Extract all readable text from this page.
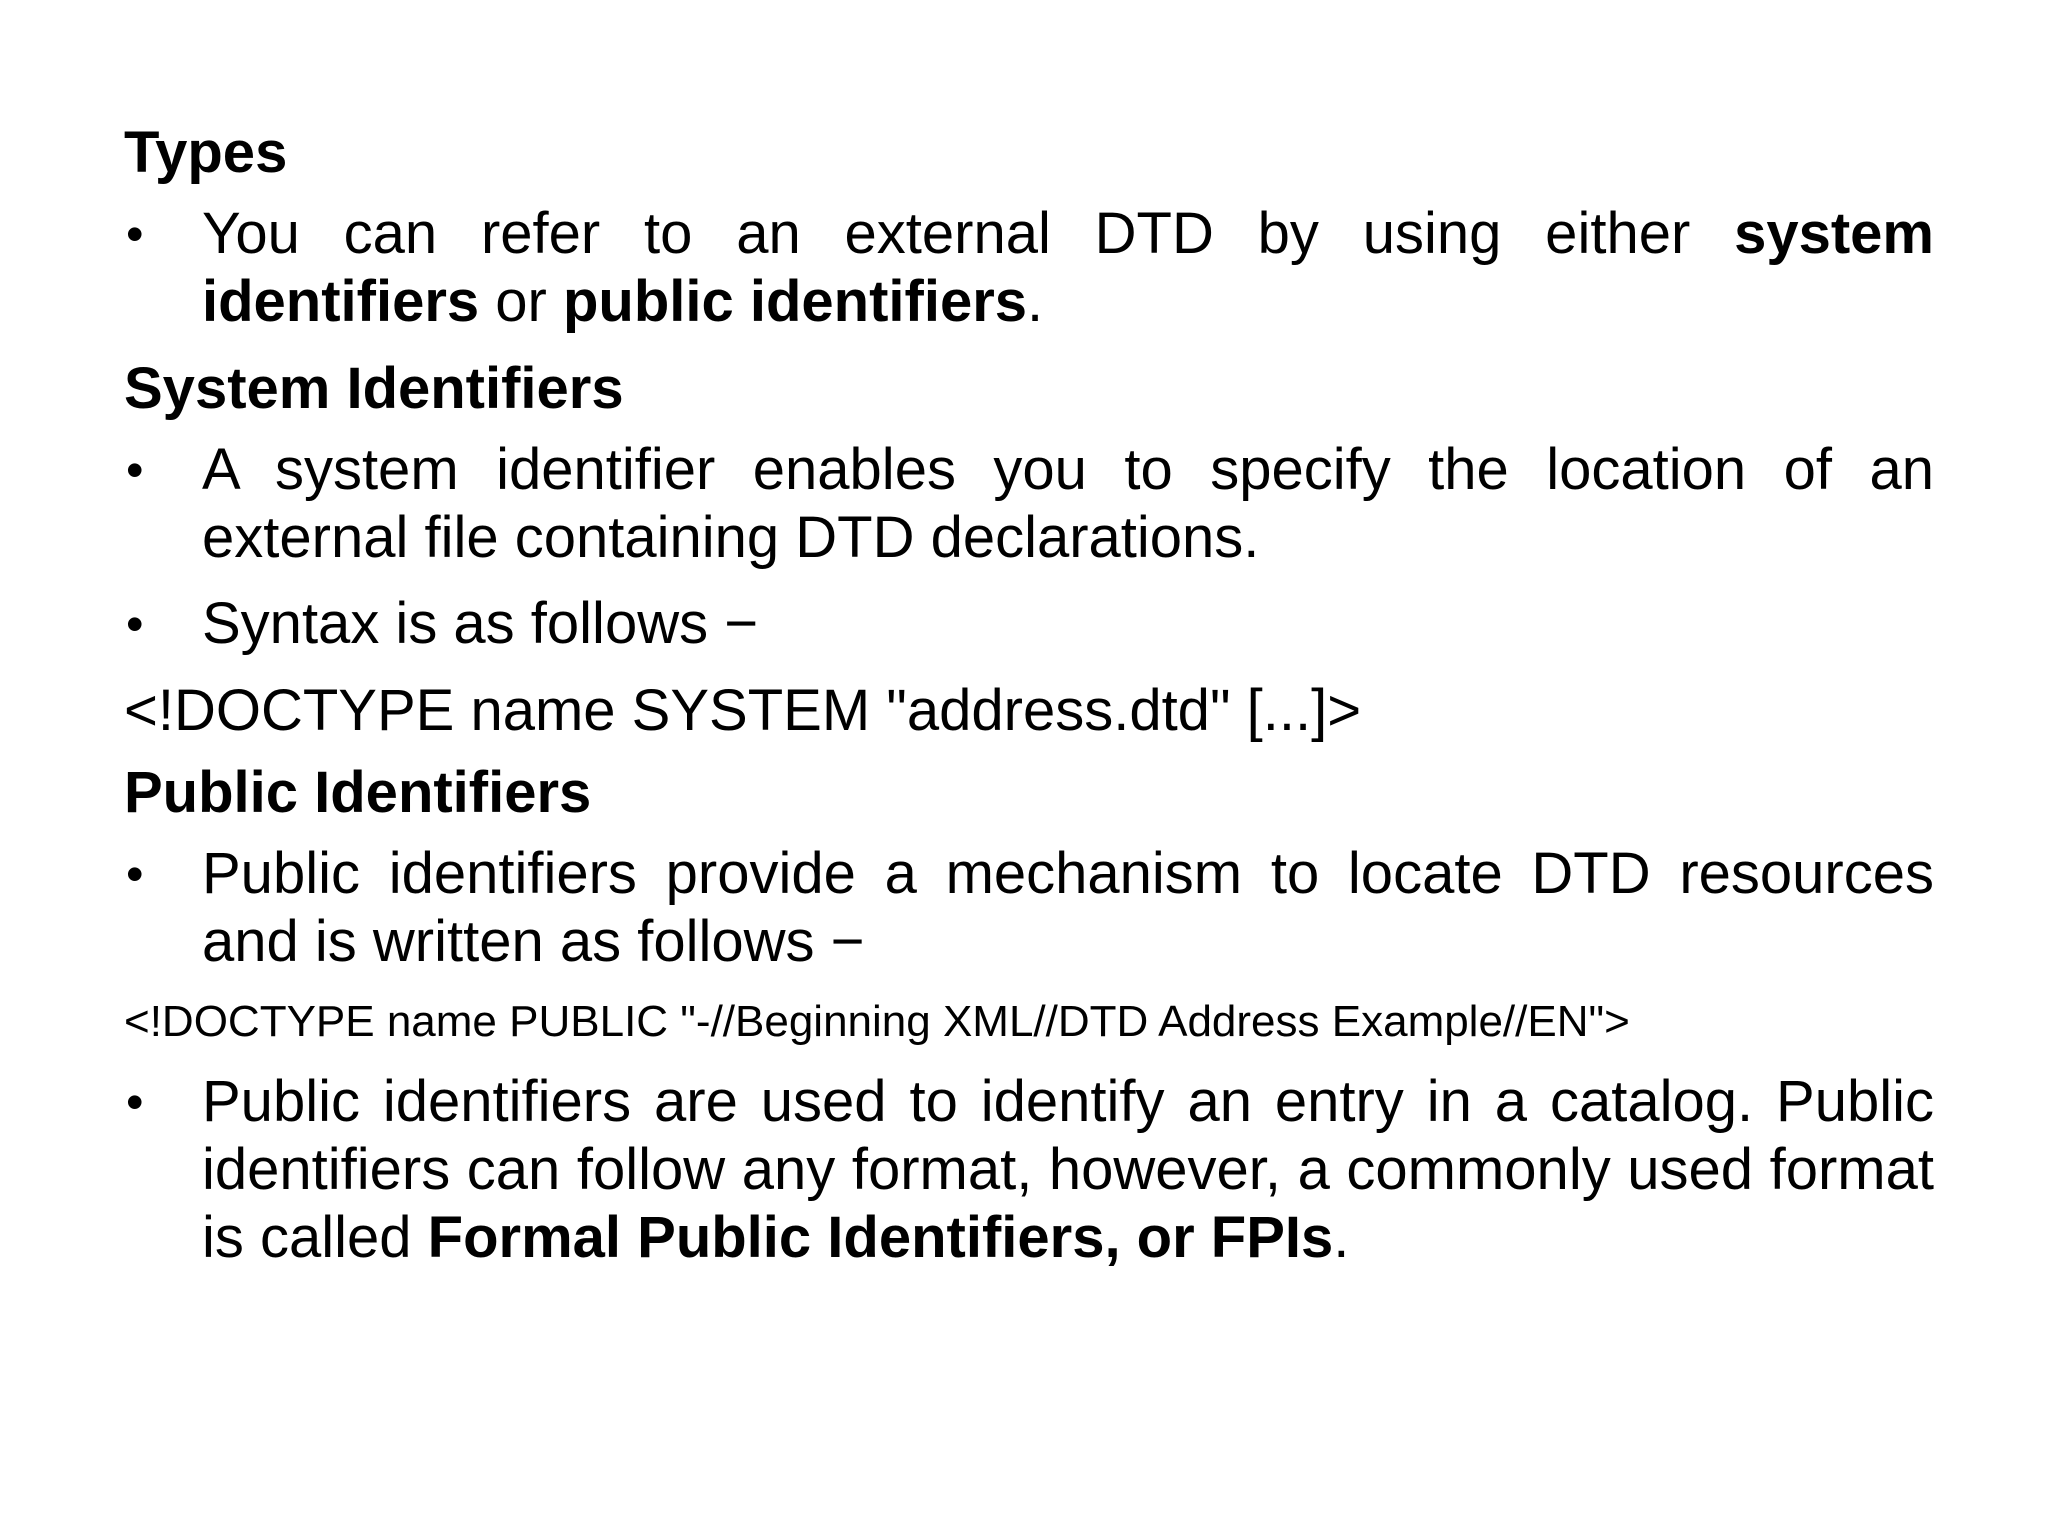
Types
• You can refer to an external DTD by using either system identifiers or public identifiers.
System Identifiers
• A system identifier enables you to specify the location of an external file containing DTD declarations.
• Syntax is as follows −
<!DOCTYPE name SYSTEM "address.dtd" [...]>
Public Identifiers
• Public identifiers provide a mechanism to locate DTD resources and is written as follows −
<!DOCTYPE name PUBLIC "-//Beginning XML//DTD Address Example//EN">
• Public identifiers are used to identify an entry in a catalog. Public identifiers can follow any format, however, a commonly used format is called Formal Public Identifiers, or FPIs.
